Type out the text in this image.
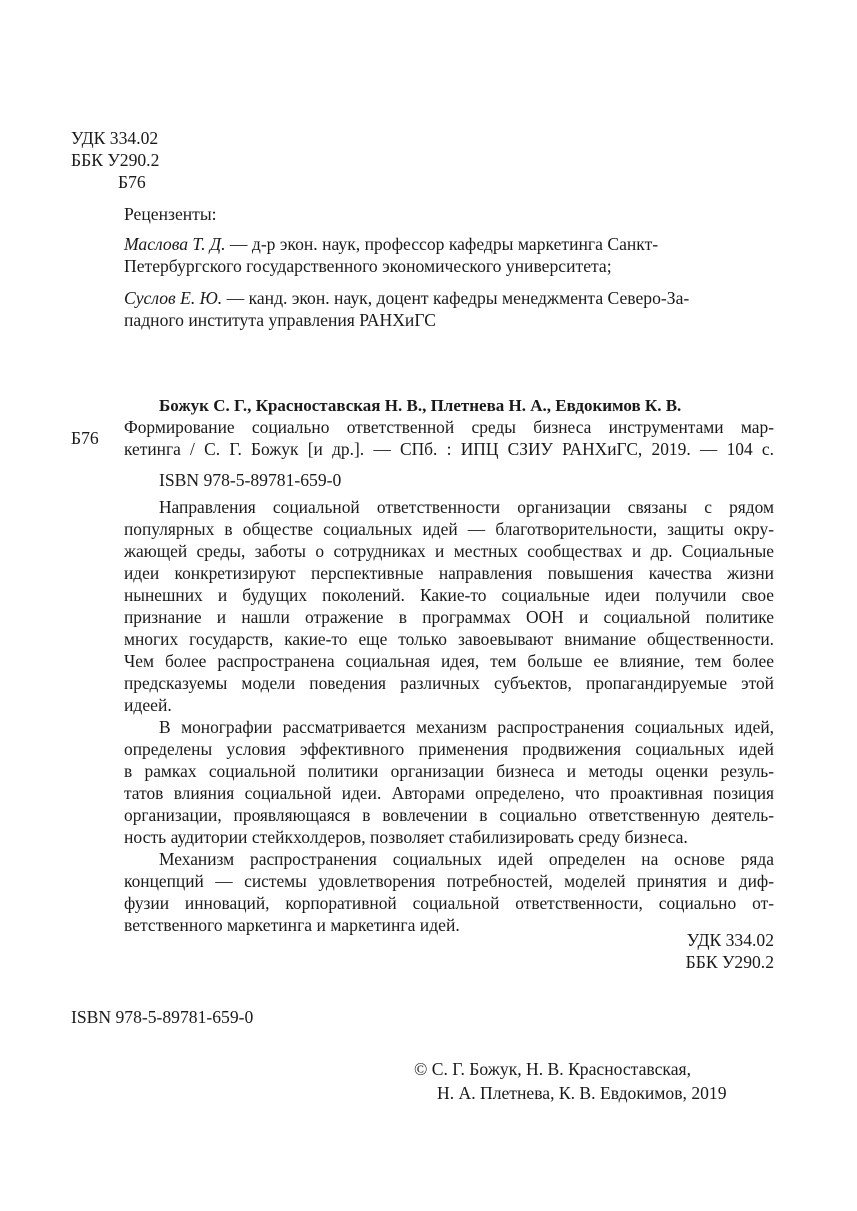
УДК 334.02
ББК У290.2
Б76
Рецензенты:
Маслова Т. Д. — д-р экон. наук, профессор кафедры маркетинга Санкт-
Петербургского государственного экономического университета;
Суслов Е. Ю. — канд. экон. наук, доцент кафедры менеджмента Северо-За-
падного института управления РАНХиГС
Божук С. Г., Красноставская Н. В., Плетнева Н. А., Евдокимов К. В.
Б76
Формирование социально ответственной среды бизнеса инструментами мар-
кетинга / С. Г. Божук [и др.]. — СПб. : ИПЦ СЗИУ РАНХиГС, 2019. — 104 с.
ISBN 978-5-89781-659-0
Направления социальной ответственности организации связаны с рядом
популярных в обществе социальных идей — благотворительности, защиты окру-
жающей среды, заботы о сотрудниках и местных сообществах и др. Социальные
идеи конкретизируют перспективные направления повышения качества жизни
нынешних и будущих поколений. Какие-то социальные идеи получили свое
признание и нашли отражение в программах ООН и социальной политике
многих государств, какие-то еще только завоевывают внимание общественности.
Чем более распространена социальная идея, тем больше ее влияние, тем более
предсказуемы модели поведения различных субъектов, пропагандируемые этой
идеей.
В монографии рассматривается механизм распространения социальных идей,
определены условия эффективного применения продвижения социальных идей
в рамках социальной политики организации бизнеса и методы оценки резуль-
татов влияния социальной идеи. Авторами определено, что проактивная позиция
организации, проявляющаяся в вовлечении в социально ответственную деятель-
ность аудитории стейкхолдеров, позволяет стабилизировать среду бизнеса.
Механизм распространения социальных идей определен на основе ряда
концепций — системы удовлетворения потребностей, моделей принятия и диф-
фузии инноваций, корпоративной социальной ответственности, социально от-
ветственного маркетинга и маркетинга идей.
УДК 334.02
ББК У290.2
ISBN 978-5-89781-659-0
© С. Г. Божук, Н. В. Красноставская,
Н. А. Плетнева, К. В. Евдокимов, 2019
